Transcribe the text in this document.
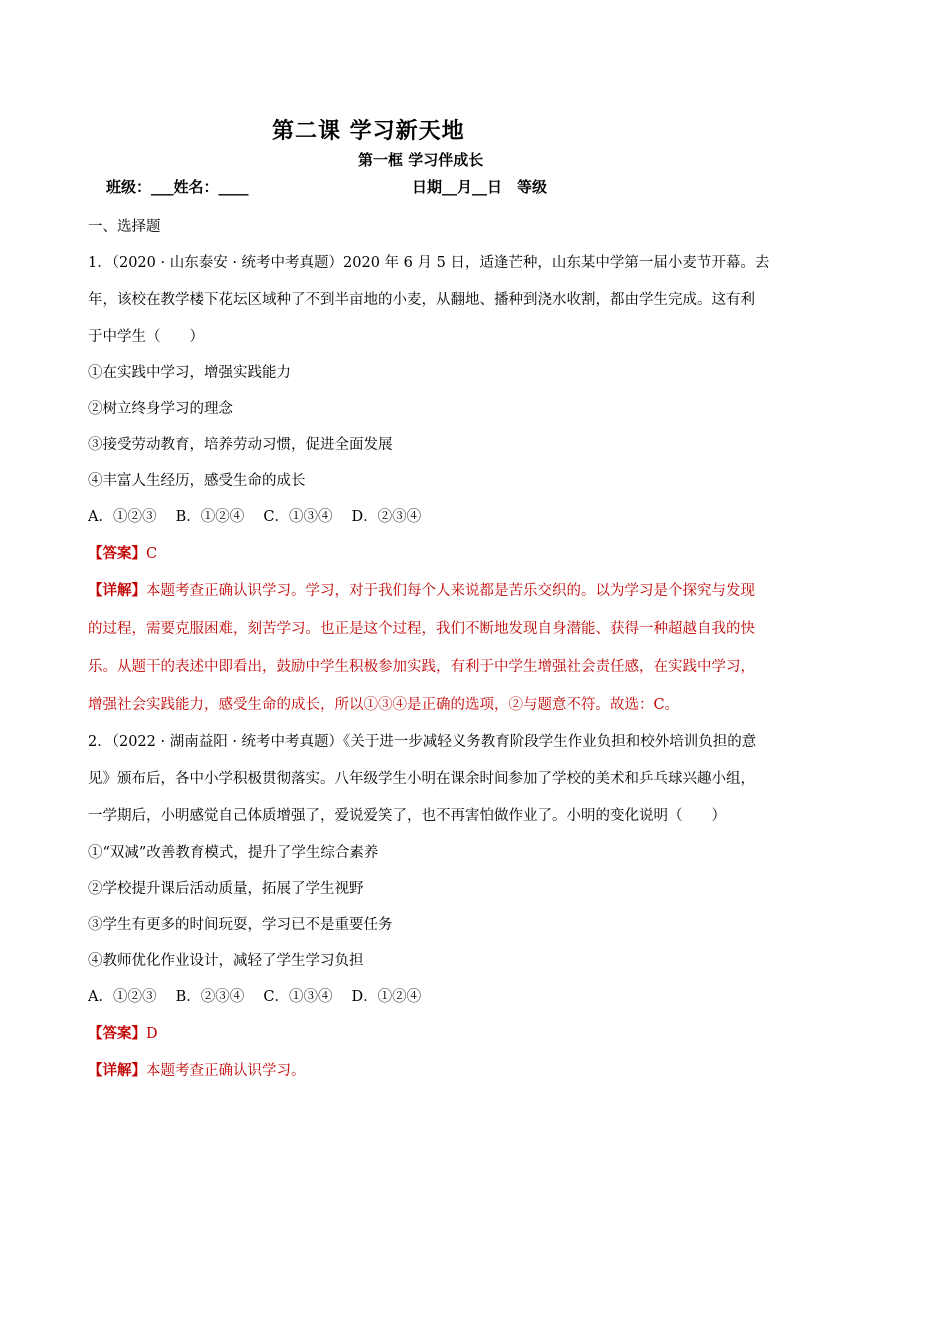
第二课 学习新天地
第一框 学习伴成长
班级：___姓名：____	日期__月__日　等级
一、选择题
1．（2020 · 山东泰安 · 统考中考真题）2020 年 6 月 5 日，适逢芒种，山东某中学第一届小麦节开幕。去
年，该校在教学楼下花坛区域种了不到半亩地的小麦，从翻地、播种到浇水收割，都由学生完成。这有利
于中学生（　　）
①在实践中学习，增强实践能力
②树立终身学习的理念
③接受劳动教育，培养劳动习惯，促进全面发展
④丰富人生经历，感受生命的成长
A．①②③　 B．①②④　 C．①③④　 D．②③④
【答案】C
【详解】本题考查正确认识学习。学习，对于我们每个人来说都是苦乐交织的。以为学习是个探究与发现
的过程，需要克服困难，刻苦学习。也正是这个过程，我们不断地发现自身潜能、获得一种超越自我的快
乐。从题干的表述中即看出，鼓励中学生积极参加实践，有利于中学生增强社会责任感，在实践中学习，
增强社会实践能力，感受生命的成长，所以①③④是正确的选项，②与题意不符。故选：C。
2．（2022 · 湖南益阳 · 统考中考真题）《关于进一步减轻义务教育阶段学生作业负担和校外培训负担的意
见》颁布后，各中小学积极贯彻落实。八年级学生小明在课余时间参加了学校的美术和乒乓球兴趣小组，
一学期后，小明感觉自己体质增强了，爱说爱笑了，也不再害怕做作业了。小明的变化说明（　　）
①“双减”改善教育模式，提升了学生综合素养
②学校提升课后活动质量，拓展了学生视野
③学生有更多的时间玩耍，学习已不是重要任务
④教师优化作业设计，减轻了学生学习负担
A．①②③　 B．②③④　 C．①③④　 D．①②④
【答案】D
【详解】本题考查正确认识学习。
